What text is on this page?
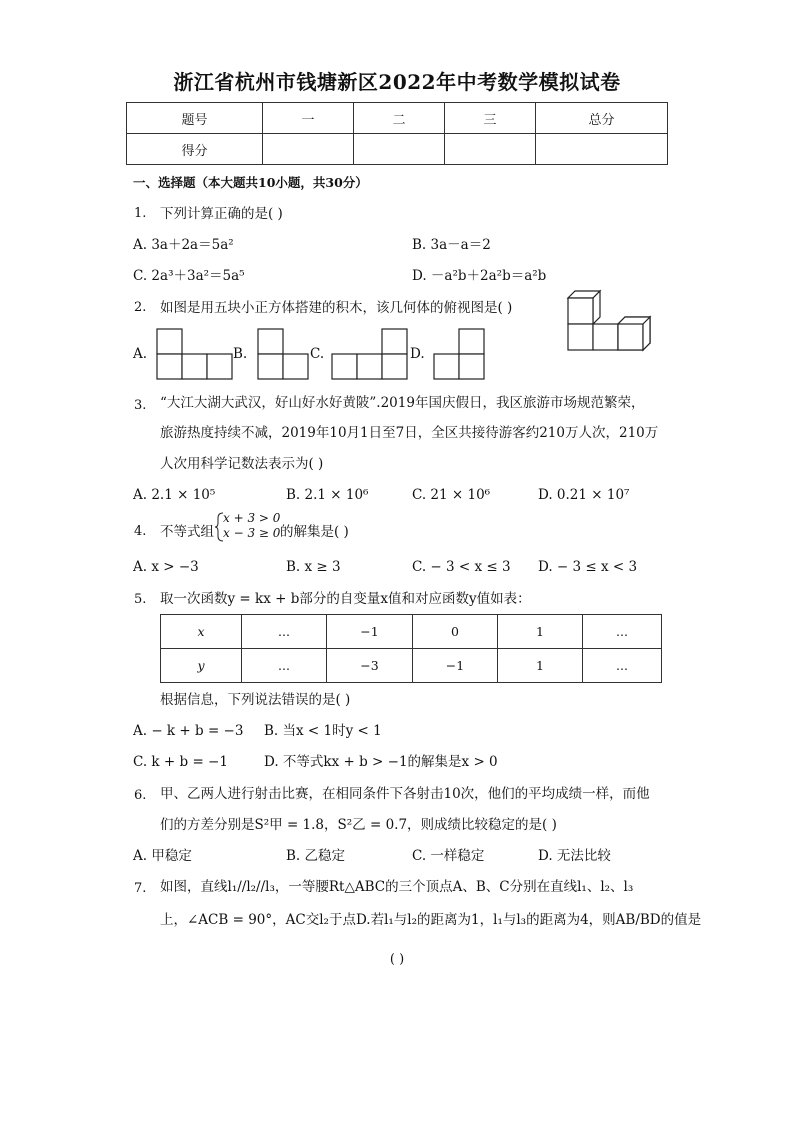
浙江省杭州市钱塘新区2022年中考数学模拟试卷
题号	一	二	三	总分
得分				
一、选择题（本大题共10小题，共30分）
1. 下列计算正确的是( )
A. 3a＋2a＝5a²	B. 3a－a＝2
C. 2a³＋3a²＝5a⁵	D. －a²b＋2a²b＝a²b
2. 如图是用五块小正方体搭建的积木，该几何体的俯视图是( )
A.	B.	C.	D.
3. “大江大湖大武汉，好山好水好黄陂”.2019年国庆假日，我区旅游市场规范繁荣，
旅游热度持续不减，2019年10月1日至7日，全区共接待游客约210万人次，210万
人次用科学记数法表示为( )
A. 2.1 × 10⁵	B. 2.1 × 10⁶	C. 21 × 10⁶	D. 0.21 × 10⁷
4. 不等式组
x + 3 > 0
x − 3 ≥ 0 的解集是( )
A. x > −3	B. x ≥ 3	C. − 3 < x ≤ 3 D. − 3 ≤ x < 3
5. 取一次函数y = kx + b部分的自变量x值和对应函数y值如表：
x	...	−1	0	1	...
y	...	−3	−1	1	...
根据信息，下列说法错误的是( )
A. − k + b = −3 B. 当x < 1时y < 1
C. k + b = −1	D. 不等式kx + b > −1的解集是x > 0
6. 甲、乙两人进行射击比赛，在相同条件下各射击10次，他们的平均成绩一样，而他
们的方差分别是S²甲 = 1.8，S²乙 = 0.7，则成绩比较稳定的是( )
A. 甲稳定	B. 乙稳定	C. 一样稳定	D. 无法比较
7. 如图，直线l₁//l₂//l₃，一等腰Rt△ABC的三个顶点A、B、C分别在直线l₁、l₂、l₃
上，∠ACB = 90°，AC交l₂于点D.若l₁与l₂的距离为1，l₁与l₃的距离为4，则AB/BD的值是
( )
